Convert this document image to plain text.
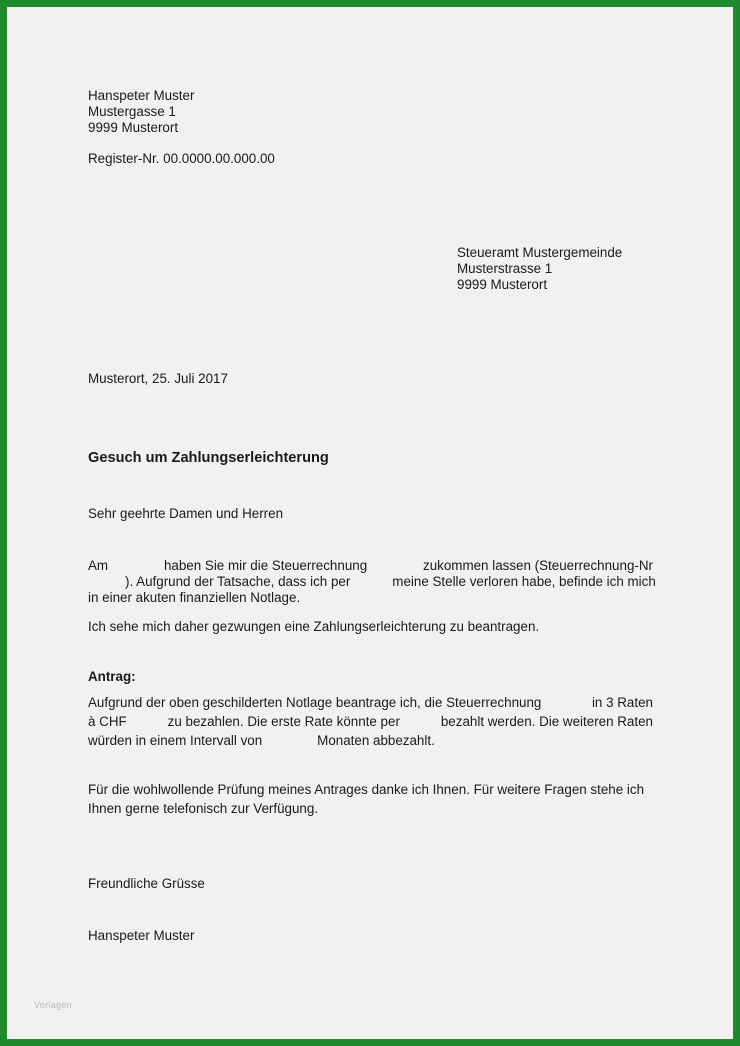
Hanspeter Muster
Mustergasse 1
9999 Musterort
Register-Nr. 00.0000.00.000.00
Steueramt Mustergemeinde
Musterstrasse 1
9999 Musterort
Musterort, 25. Juli 2017
Gesuch um Zahlungserleichterung
Sehr geehrte Damen und Herren
Am	haben Sie mir die Steuerrechnung	zukommen lassen (Steuerrechnung-Nr
). Aufgrund der Tatsache, dass ich per	meine Stelle verloren habe, befinde ich mich
in einer akuten finanziellen Notlage.
Ich sehe mich daher gezwungen eine Zahlungserleichterung zu beantragen.
Antrag:
Aufgrund der oben geschilderten Notlage beantrage ich, die Steuerrechnung	in 3 Raten
à CHF	zu bezahlen. Die erste Rate könnte per	bezahlt werden. Die weiteren Raten
würden in einem Intervall von	Monaten abbezahlt.
Für die wohlwollende Prüfung meines Antrages danke ich Ihnen. Für weitere Fragen stehe ich
Ihnen gerne telefonisch zur Verfügung.
Freundliche Grüsse
Hanspeter Muster
Vorlagen
